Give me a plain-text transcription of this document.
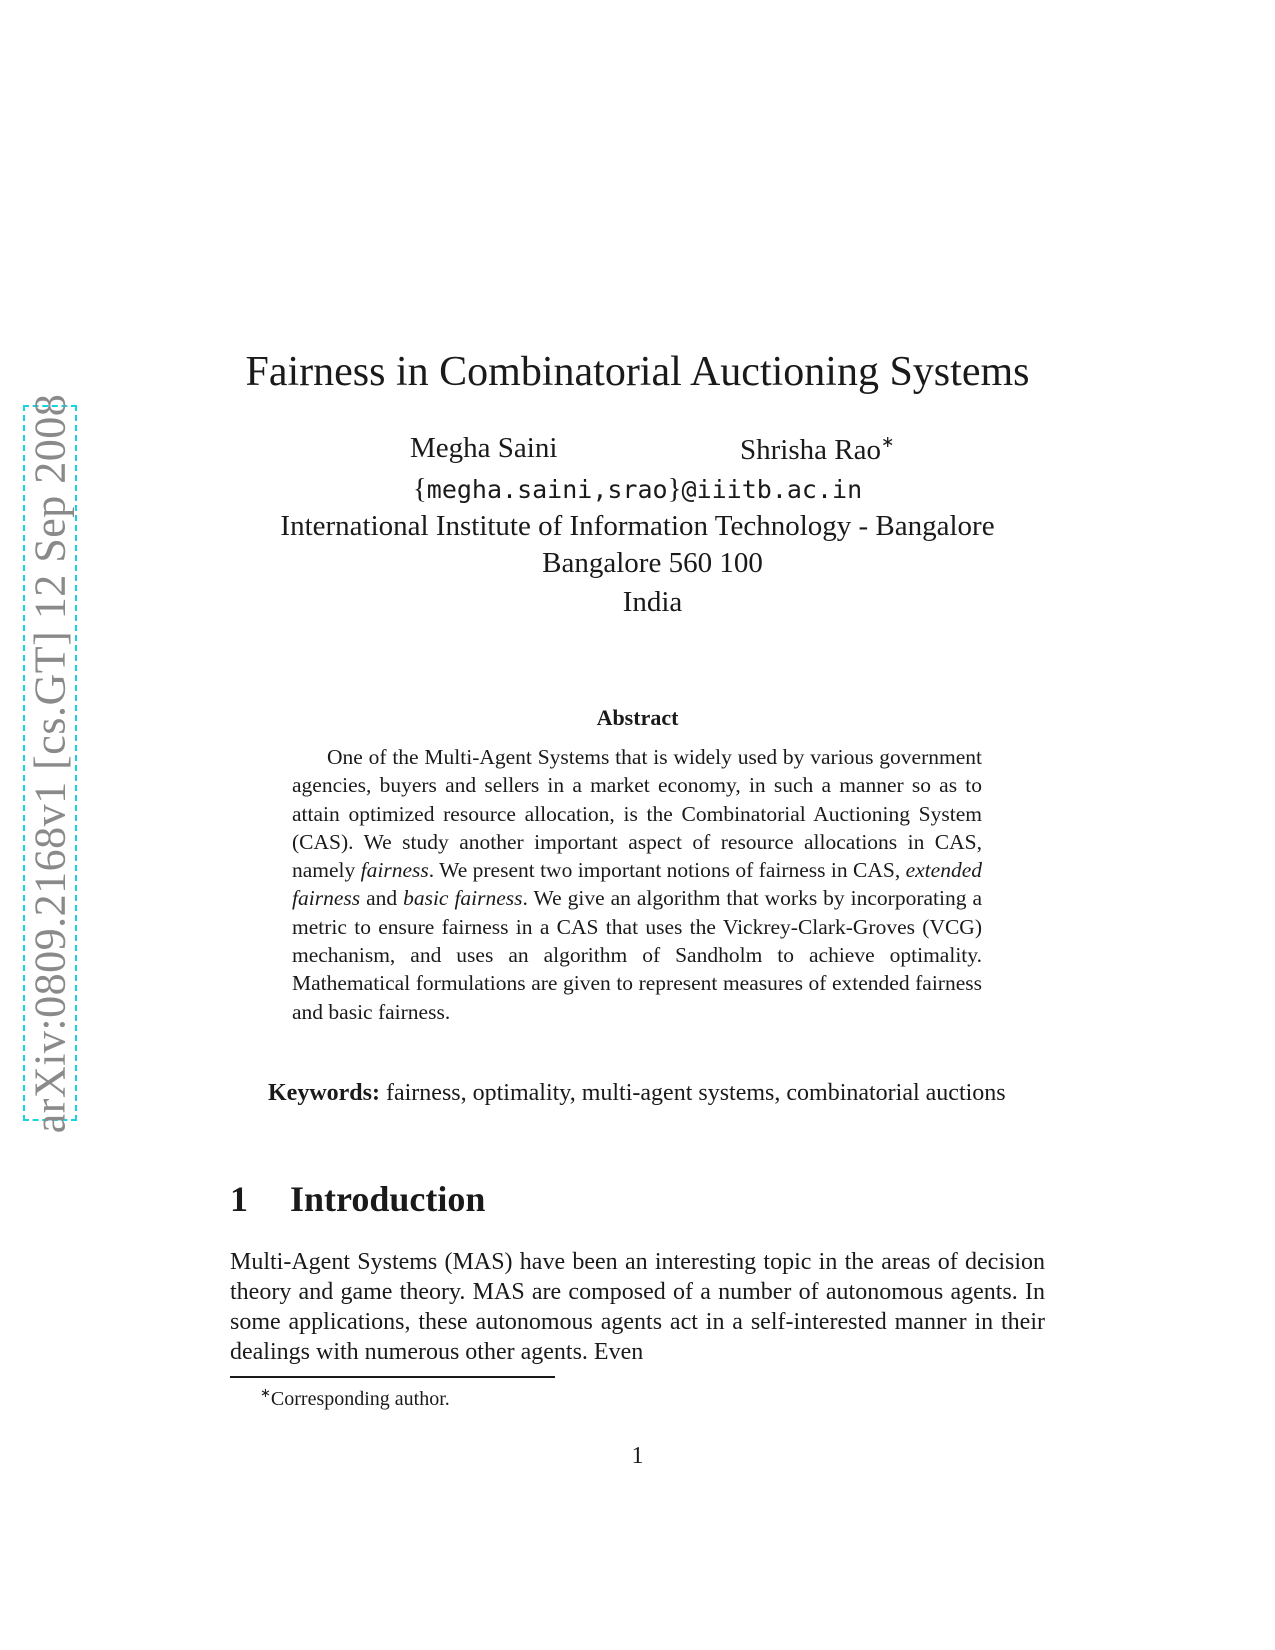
arXiv:0809.2168v1 [cs.GT] 12 Sep 2008
Fairness in Combinatorial Auctioning Systems
Megha Saini	Shrisha Rao∗
{megha.saini,srao}@iiitb.ac.in
International Institute of Information Technology - Bangalore
Bangalore 560 100
India
Abstract

One of the Multi-Agent Systems that is widely used by various government agencies, buyers and sellers in a market economy, in such a manner so as to attain optimized resource allocation, is the Combinatorial Auctioning System (CAS). We study another important aspect of resource allocations in CAS, namely fairness. We present two important notions of fairness in CAS, extended fairness and basic fairness. We give an algorithm that works by incorporating a metric to ensure fairness in a CAS that uses the Vickrey-Clark-Groves (VCG) mechanism, and uses an algorithm of Sandholm to achieve optimality. Mathematical formulations are given to represent measures of extended fairness and basic fairness.

Keywords: fairness, optimality, multi-agent systems, combinatorial auctions

1 Introduction

Multi-Agent Systems (MAS) have been an interesting topic in the areas of decision theory and game theory. MAS are composed of a number of autonomous agents. In some applications, these autonomous agents act in a self-interested manner in their dealings with numerous other agents. Even

∗Corresponding author.
1
